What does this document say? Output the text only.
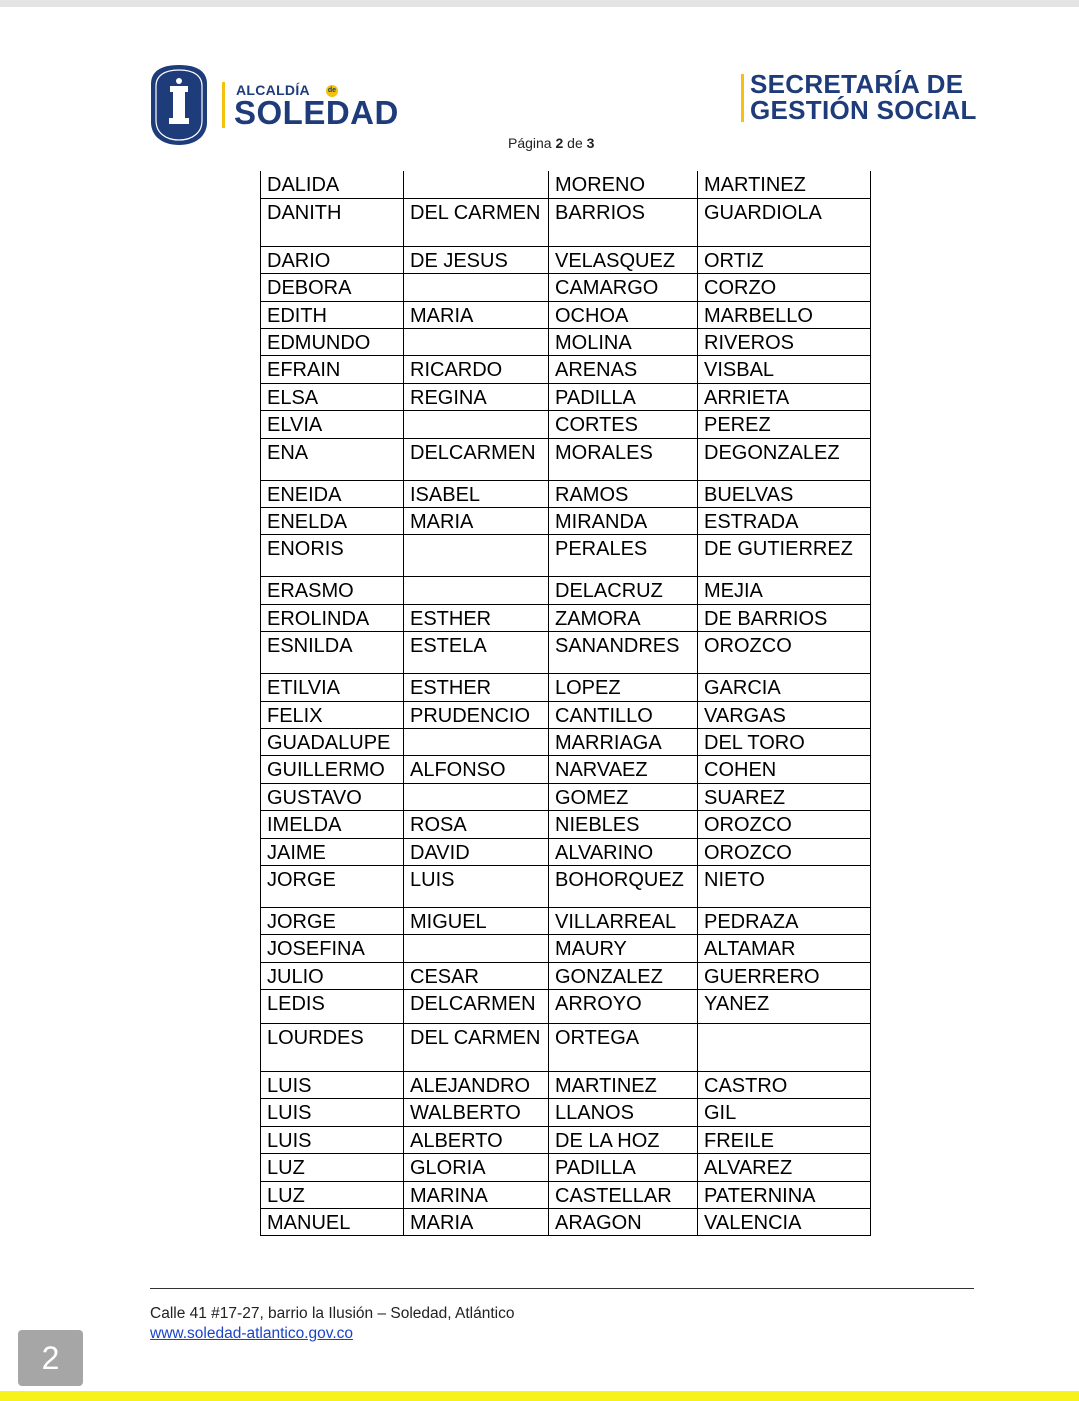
ALCALDÍA	de
SOLEDAD
SECRETARÍA DE
GESTIÓN SOCIAL
Página 2 de 3
DALIDA		MORENO	MARTINEZ
DANITH	DEL CARMEN	BARRIOS	GUARDIOLA
DARIO	DE JESUS	VELASQUEZ	ORTIZ
DEBORA		CAMARGO	CORZO
EDITH	MARIA	OCHOA	MARBELLO
EDMUNDO		MOLINA	RIVEROS
EFRAIN	RICARDO	ARENAS	VISBAL
ELSA	REGINA	PADILLA	ARRIETA
ELVIA		CORTES	PEREZ
ENA	DELCARMEN	MORALES	DEGONZALEZ
ENEIDA	ISABEL	RAMOS	BUELVAS
ENELDA	MARIA	MIRANDA	ESTRADA
ENORIS		PERALES	DE GUTIERREZ
ERASMO		DELACRUZ	MEJIA
EROLINDA	ESTHER	ZAMORA	DE BARRIOS
ESNILDA	ESTELA	SANANDRES	OROZCO
ETILVIA	ESTHER	LOPEZ	GARCIA
FELIX	PRUDENCIO	CANTILLO	VARGAS
GUADALUPE		MARRIAGA	DEL TORO
GUILLERMO	ALFONSO	NARVAEZ	COHEN
GUSTAVO		GOMEZ	SUAREZ
IMELDA	ROSA	NIEBLES	OROZCO
JAIME	DAVID	ALVARINO	OROZCO
JORGE	LUIS	BOHORQUEZ	NIETO
JORGE	MIGUEL	VILLARREAL	PEDRAZA
JOSEFINA		MAURY	ALTAMAR
JULIO	CESAR	GONZALEZ	GUERRERO
LEDIS	DELCARMEN	ARROYO	YANEZ
LOURDES	DEL CARMEN	ORTEGA	
LUIS	ALEJANDRO	MARTINEZ	CASTRO
LUIS	WALBERTO	LLANOS	GIL
LUIS	ALBERTO	DE LA HOZ	FREILE
LUZ	GLORIA	PADILLA	ALVAREZ
LUZ	MARINA	CASTELLAR	PATERNINA
MANUEL	MARIA	ARAGON	VALENCIA
Calle 41 #17-27, barrio la Ilusión – Soledad, Atlántico
www.soledad-atlantico.gov.co
2
